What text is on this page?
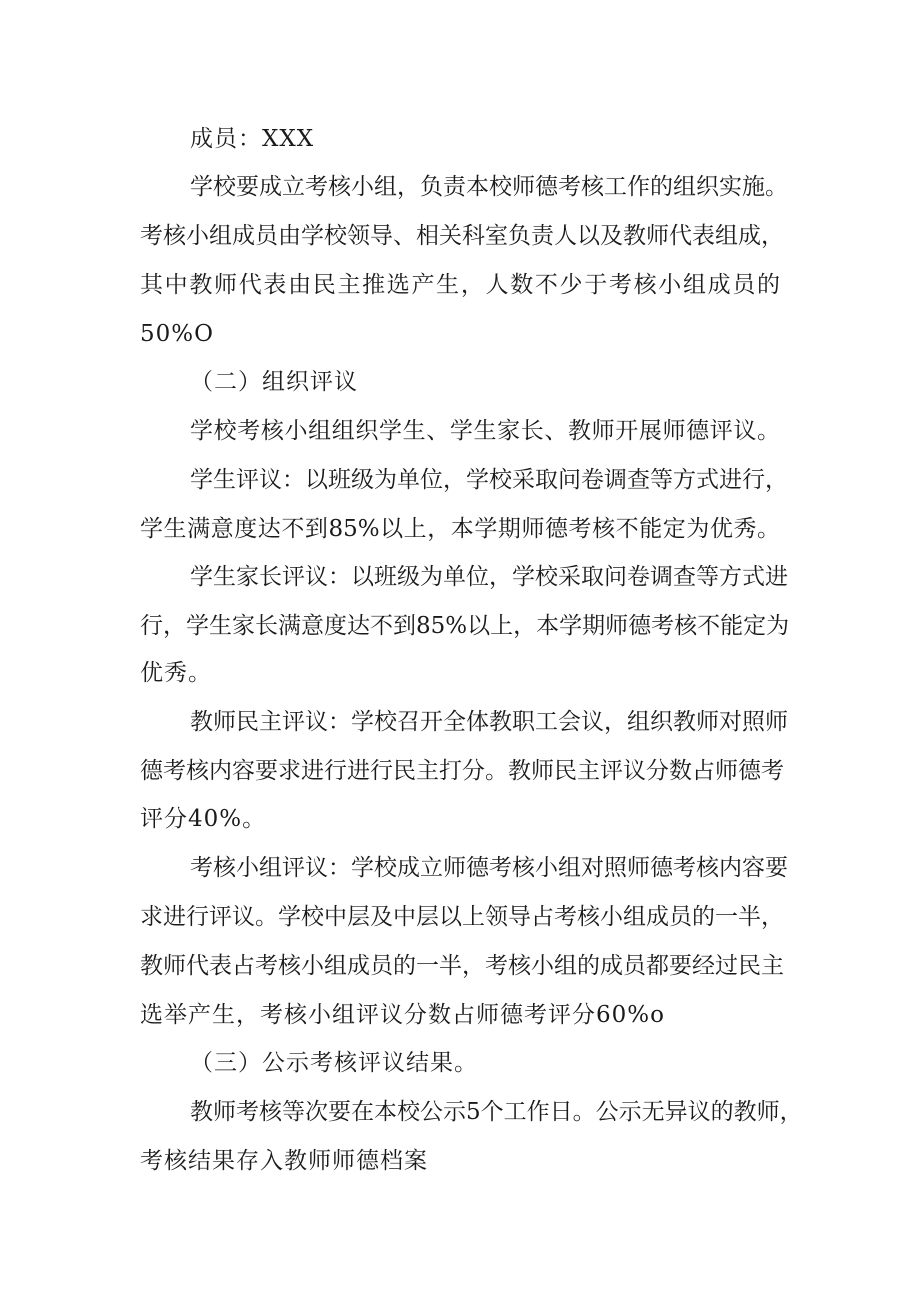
成员：XXX
学校要成立考核小组，负责本校师德考核工作的组织实施。
考核小组成员由学校领导、相关科室负责人以及教师代表组成，
其中教师代表由民主推选产生，人数不少于考核小组成员的
50%O
（二）组织评议
学校考核小组组织学生、学生家长、教师开展师德评议。
学生评议：以班级为单位，学校采取问卷调查等方式进行，
学生满意度达不到85%以上，本学期师德考核不能定为优秀。
学生家长评议：以班级为单位，学校采取问卷调查等方式进
行，学生家长满意度达不到85%以上，本学期师德考核不能定为
优秀。
教师民主评议：学校召开全体教职工会议，组织教师对照师
德考核内容要求进行进行民主打分。教师民主评议分数占师德考
评分40%。
考核小组评议：学校成立师德考核小组对照师德考核内容要
求进行评议。学校中层及中层以上领导占考核小组成员的一半，
教师代表占考核小组成员的一半，考核小组的成员都要经过民主
选举产生，考核小组评议分数占师德考评分60%o
（三）公示考核评议结果。
教师考核等次要在本校公示5个工作日。公示无异议的教师，
考核结果存入教师师德档案
